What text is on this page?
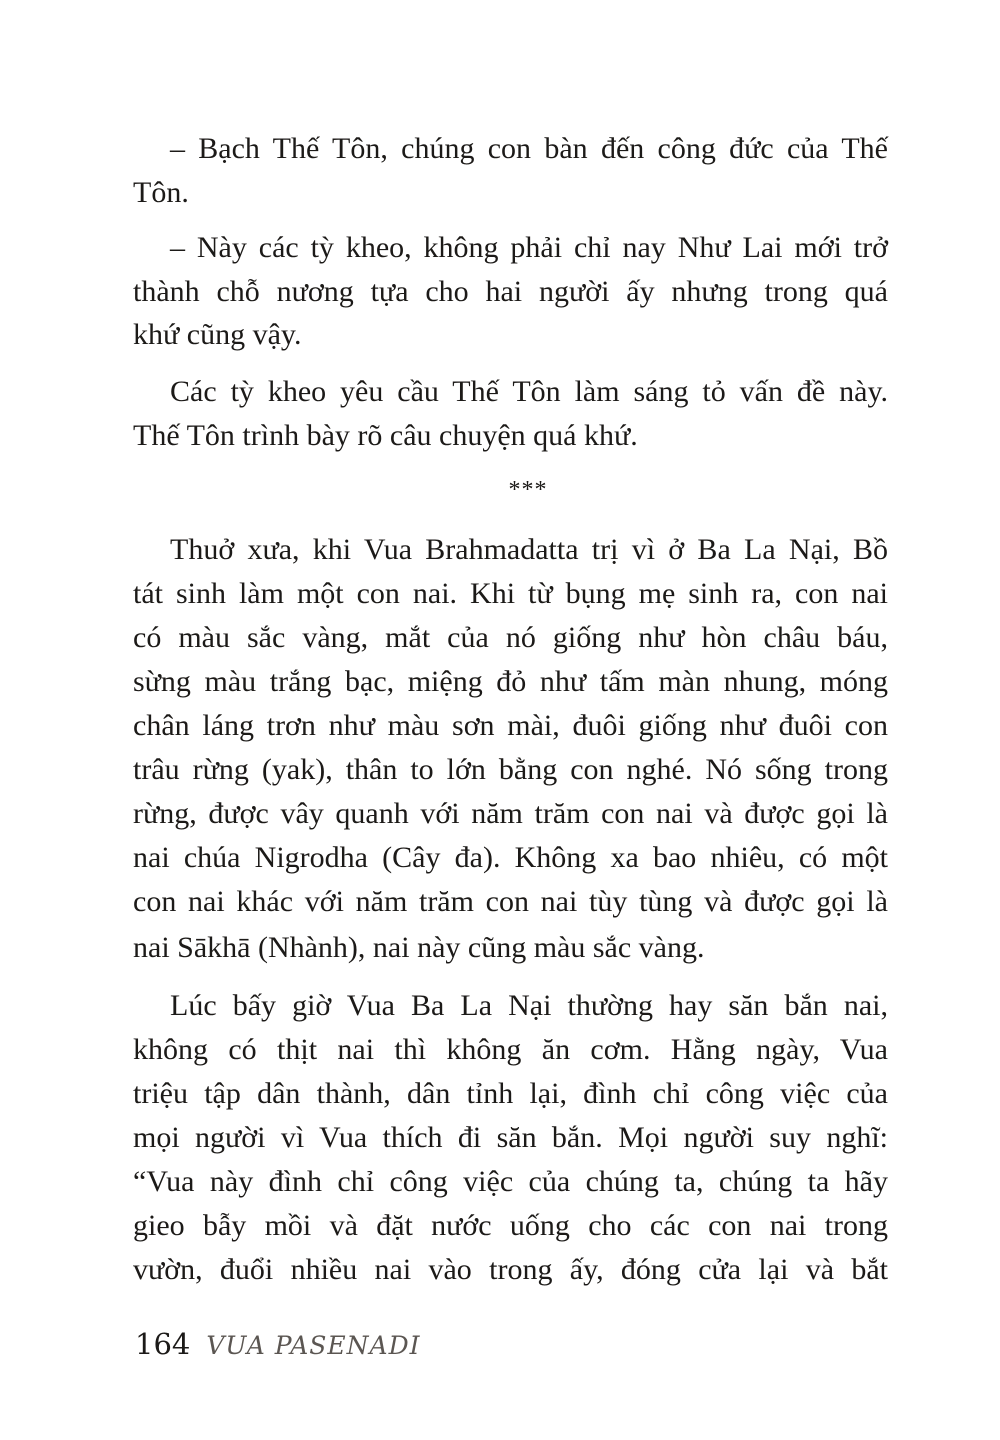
– Bạch Thế Tôn, chúng con bàn đến công đức của Thế
Tôn.
– Này các tỳ kheo, không phải chỉ nay Như Lai mới trở
thành chỗ nương tựa cho hai người ấy nhưng trong quá
khứ cũng vậy.
Các tỳ kheo yêu cầu Thế Tôn làm sáng tỏ vấn đề này.
Thế Tôn trình bày rõ câu chuyện quá khứ.
***
Thuở xưa, khi Vua Brahmadatta trị vì ở Ba La Nại, Bồ
tát sinh làm một con nai. Khi từ bụng mẹ sinh ra, con nai
có màu sắc vàng, mắt của nó giống như hòn châu báu,
sừng màu trắng bạc, miệng đỏ như tấm màn nhung, móng
chân láng trơn như màu sơn mài, đuôi giống như đuôi con
trâu rừng (yak), thân to lớn bằng con nghé. Nó sống trong
rừng, được vây quanh với năm trăm con nai và được gọi là
nai chúa Nigrodha (Cây đa). Không xa bao nhiêu, có một
con nai khác với năm trăm con nai tùy tùng và được gọi là
nai Sākhā (Nhành), nai này cũng màu sắc vàng.
Lúc bấy giờ Vua Ba La Nại thường hay săn bắn nai,
không có thịt nai thì không ăn cơm. Hằng ngày, Vua
triệu tập dân thành, dân tỉnh lại, đình chỉ công việc của
mọi người vì Vua thích đi săn bắn. Mọi người suy nghĩ:
“Vua này đình chỉ công việc của chúng ta, chúng ta hãy
gieo bẫy mồi và đặt nước uống cho các con nai trong
vườn, đuổi nhiều nai vào trong ấy, đóng cửa lại và bắt
164 VUA PASENADI
